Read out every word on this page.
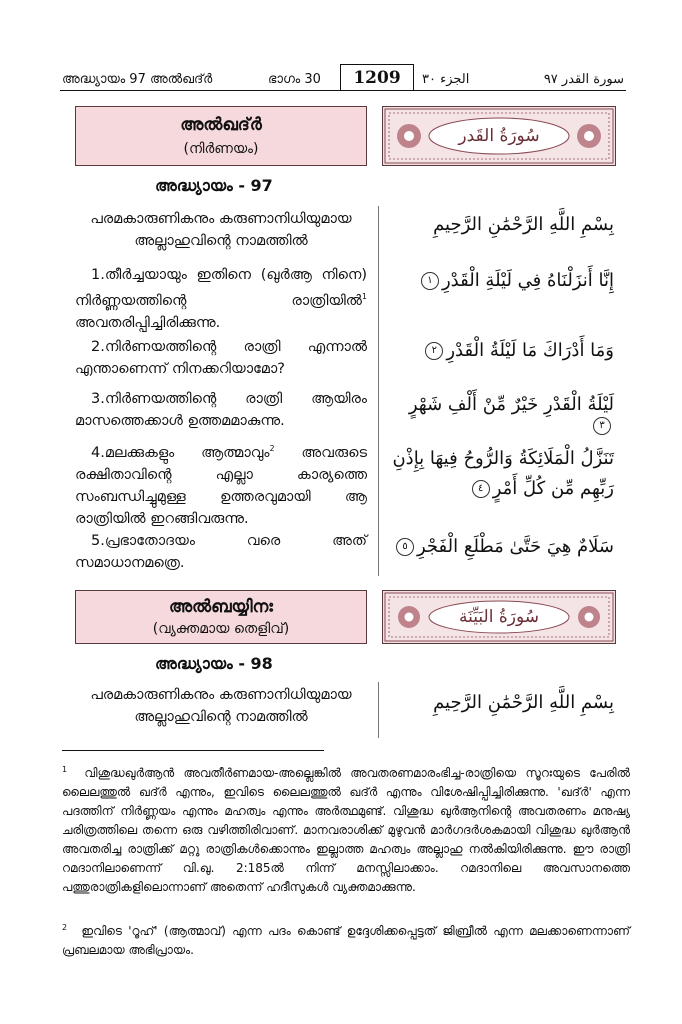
അദ്ധ്യായം 97 അൽഖദ്ർ	ഭാഗം 30	1209	الجزء ٣٠	سورة القدر ٩٧
അൽഖദ്ർ
(നിർണയം)
سُورَةُ القَدر
അദ്ധ്യായം - 97
പരമകാരുണികനും കരുണാനിധിയുമായ അല്ലാഹുവിന്റെ നാമത്തിൽ
بِسْمِ اللَّهِ الرَّحْمَٰنِ الرَّحِيمِ
1.തീർച്ചയായും ഇതിനെ (ഖുർആ നിനെ) നിർണ്ണയത്തിന്റെ രാത്രിയിൽ$^1$ അവതരിപ്പിച്ചിരിക്കുന്നു.
إِنَّا أَنزَلْنَاهُ فِي لَيْلَةِ الْقَدْرِ١
2.നിർണയത്തിന്റെ രാത്രി എന്നാൽ എന്താണെന്ന് നിനക്കറിയാമോ?
وَمَا أَدْرَاكَ مَا لَيْلَةُ الْقَدْرِ٢
3.നിർണയത്തിന്റെ രാത്രി ആയിരം മാസത്തെക്കാൾ ഉത്തമമാകുന്നു.
لَيْلَةُ الْقَدْرِ خَيْرٌ مِّنْ أَلْفِ شَهْرٍ٣
4.മലക്കുകളും ആത്മാവും$^2$ അവരുടെ രക്ഷിതാവിന്റെ എല്ലാ കാര്യത്തെ സംബന്ധിച്ചുമുള്ള ഉത്തരവുമായി ആ രാത്രിയിൽ ഇറങ്ങിവരുന്നു.
تَنَزَّلُ الْمَلَائِكَةُ وَالرُّوحُ فِيهَا بِإِذْنِ رَبِّهِم مِّن كُلِّ أَمْرٍ٤
5.പ്രഭാതോദയം വരെ അത് സമാധാനമത്രെ.
سَلَامٌ هِيَ حَتَّىٰ مَطْلَعِ الْفَجْرِ٥
അൽബയ്യിനഃ
(വ്യക്തമായ തെളിവ്)
سُورَةُ البَيِّنَة
അദ്ധ്യായം - 98
പരമകാരുണികനും കരുണാനിധിയുമായ അല്ലാഹുവിന്റെ നാമത്തിൽ
بِسْمِ اللَّهِ الرَّحْمَٰنِ الرَّحِيمِ
$^1$ വിശുദ്ധഖുർആൻ അവതീർണമായ-അല്ലെങ്കിൽ അവതരണമാരംഭിച്ച-രാത്രിയെ സൂറഃയുടെ പേരിൽ ലൈലത്തുൽ ഖദ്ർ എന്നും, ഇവിടെ ലൈലത്തുൽ ഖദ്ർ എന്നും വിശേഷിപ്പിച്ചിരിക്കുന്നു. 'ഖദ്ർ' എന്ന പദത്തിന് നിർണ്ണയം എന്നും മഹത്വം എന്നും അർത്ഥമുണ്ട്. വിശുദ്ധ ഖുർആനിന്റെ അവതരണം മനുഷ്യ ചരിത്രത്തിലെ തന്നെ ഒരു വഴിത്തിരിവാണ്. മാനവരാശിക്ക് മുഴുവൻ മാർഗദർശകമായി വിശുദ്ധ ഖുർആൻ അവതരിച്ച രാത്രിക്ക് മറ്റു രാത്രികൾക്കൊന്നും ഇല്ലാത്ത മഹത്വം അല്ലാഹു നൽകിയിരിക്കുന്നു. ഈ രാത്രി റമദാനിലാണെന്ന് വി.ഖു. 2:185ൽ നിന്ന് മനസ്സിലാക്കാം. റമദാനിലെ അവസാനത്തെ പത്തുരാത്രികളിലൊന്നാണ് അതെന്ന് ഹദീസുകൾ വ്യക്തമാക്കുന്നു.
$^2$ ഇവിടെ 'റൂഹ്' (ആത്മാവ്) എന്ന പദം കൊണ്ട് ഉദ്ദേശിക്കപ്പെട്ടത് ജിബ്രീൽ എന്ന മലക്കാണെന്നാണ് പ്രബലമായ അഭിപ്രായം.
